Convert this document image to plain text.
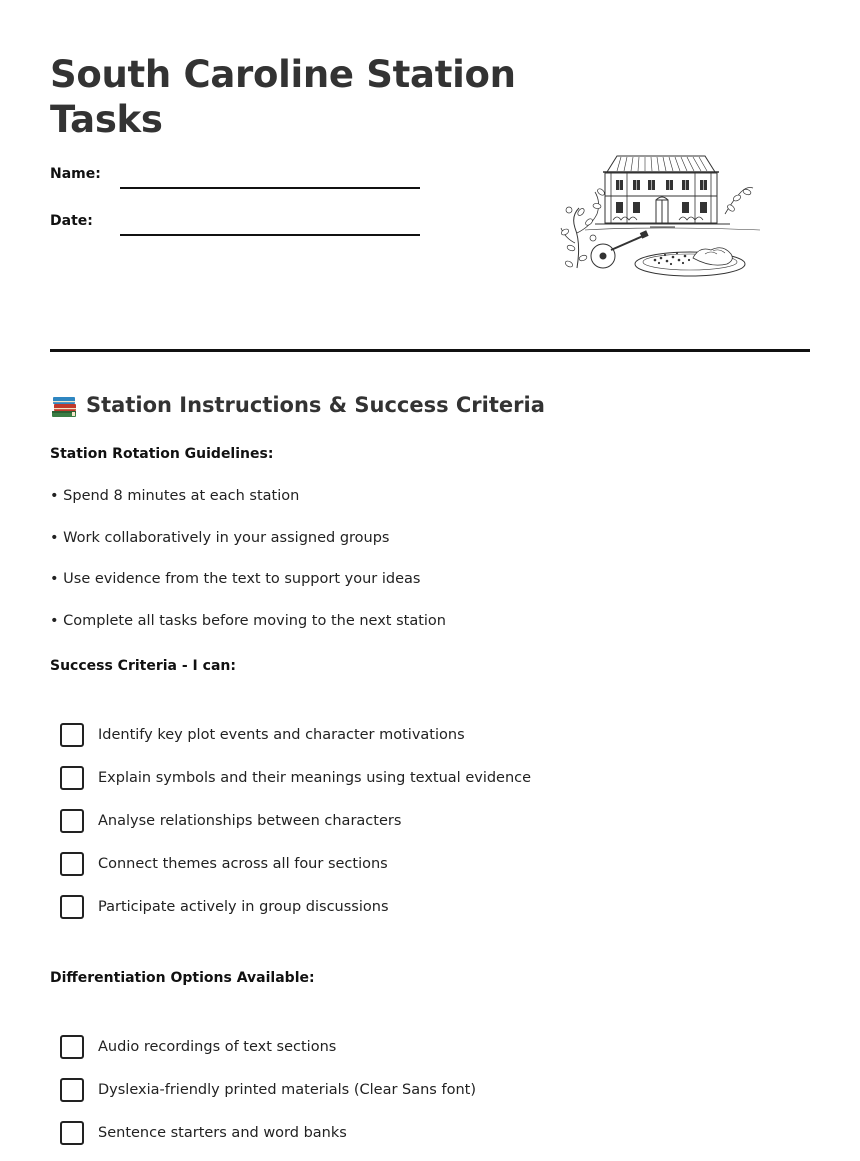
South Caroline Station Tasks
Name:
Date:
Station Instructions & Success Criteria
Station Rotation Guidelines:
• Spend 8 minutes at each station
• Work collaboratively in your assigned groups
• Use evidence from the text to support your ideas
• Complete all tasks before moving to the next station
Success Criteria - I can:
Identify key plot events and character motivations
Explain symbols and their meanings using textual evidence
Analyse relationships between characters
Connect themes across all four sections
Participate actively in group discussions
Differentiation Options Available:
Audio recordings of text sections
Dyslexia-friendly printed materials (Clear Sans font)
Sentence starters and word banks
